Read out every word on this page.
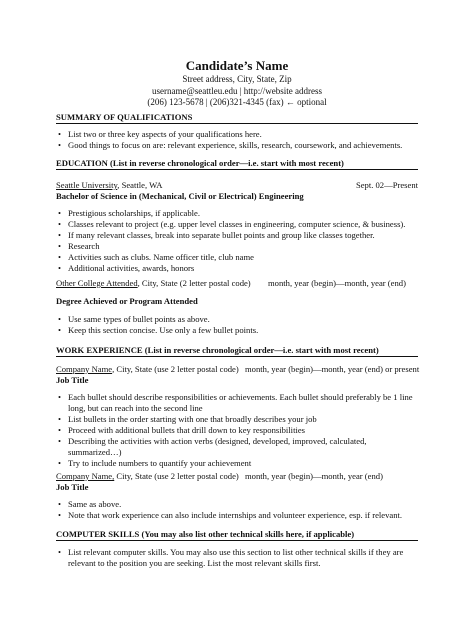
Candidate’s Name
Street address, City, State, Zip
username@seattleu.edu | http://website address
(206) 123-5678 | (206)321-4345 (fax) ← optional
SUMMARY OF QUALIFICATIONS
• List two or three key aspects of your qualifications here.
• Good things to focus on are: relevant experience, skills, research, coursework, and achievements.
EDUCATION (List in reverse chronological order—i.e. start with most recent)
Seattle University, Seattle, WA	Sept. 02—Present
Bachelor of Science in (Mechanical, Civil or Electrical) Engineering
• Prestigious scholarships, if applicable.
• Classes relevant to project (e.g. upper level classes in engineering, computer science, & business).
• If many relevant classes, break into separate bullet points and group like classes together.
• Research
• Activities such as clubs. Name officer title, club name
• Additional activities, awards, honors
Other College Attended, City, State (2 letter postal code) month, year (begin)—month, year (end)
Degree Achieved or Program Attended
• Use same types of bullet points as above.
• Keep this section concise. Use only a few bullet points.
WORK EXPERIENCE (List in reverse chronological order—i.e. start with most recent)
Company Name, City, State (use 2 letter postal code) month, year (begin)—month, year (end) or present
Job Title
• Each bullet should describe responsibilities or achievements. Each bullet should preferably be 1 line
long, but can reach into the second line
• List bullets in the order starting with one that broadly describes your job
• Proceed with additional bullets that drill down to key responsibilities
• Describing the activities with action verbs (designed, developed, improved, calculated,
summarized…)
• Try to include numbers to quantify your achievement
Company Name, City, State (use 2 letter postal code) month, year (begin)—month, year (end)
Job Title
• Same as above.
• Note that work experience can also include internships and volunteer experience, esp. if relevant.
COMPUTER SKILLS (You may also list other technical skills here, if applicable)
• List relevant computer skills. You may also use this section to list other technical skills if they are
relevant to the position you are seeking. List the most relevant skills first.
